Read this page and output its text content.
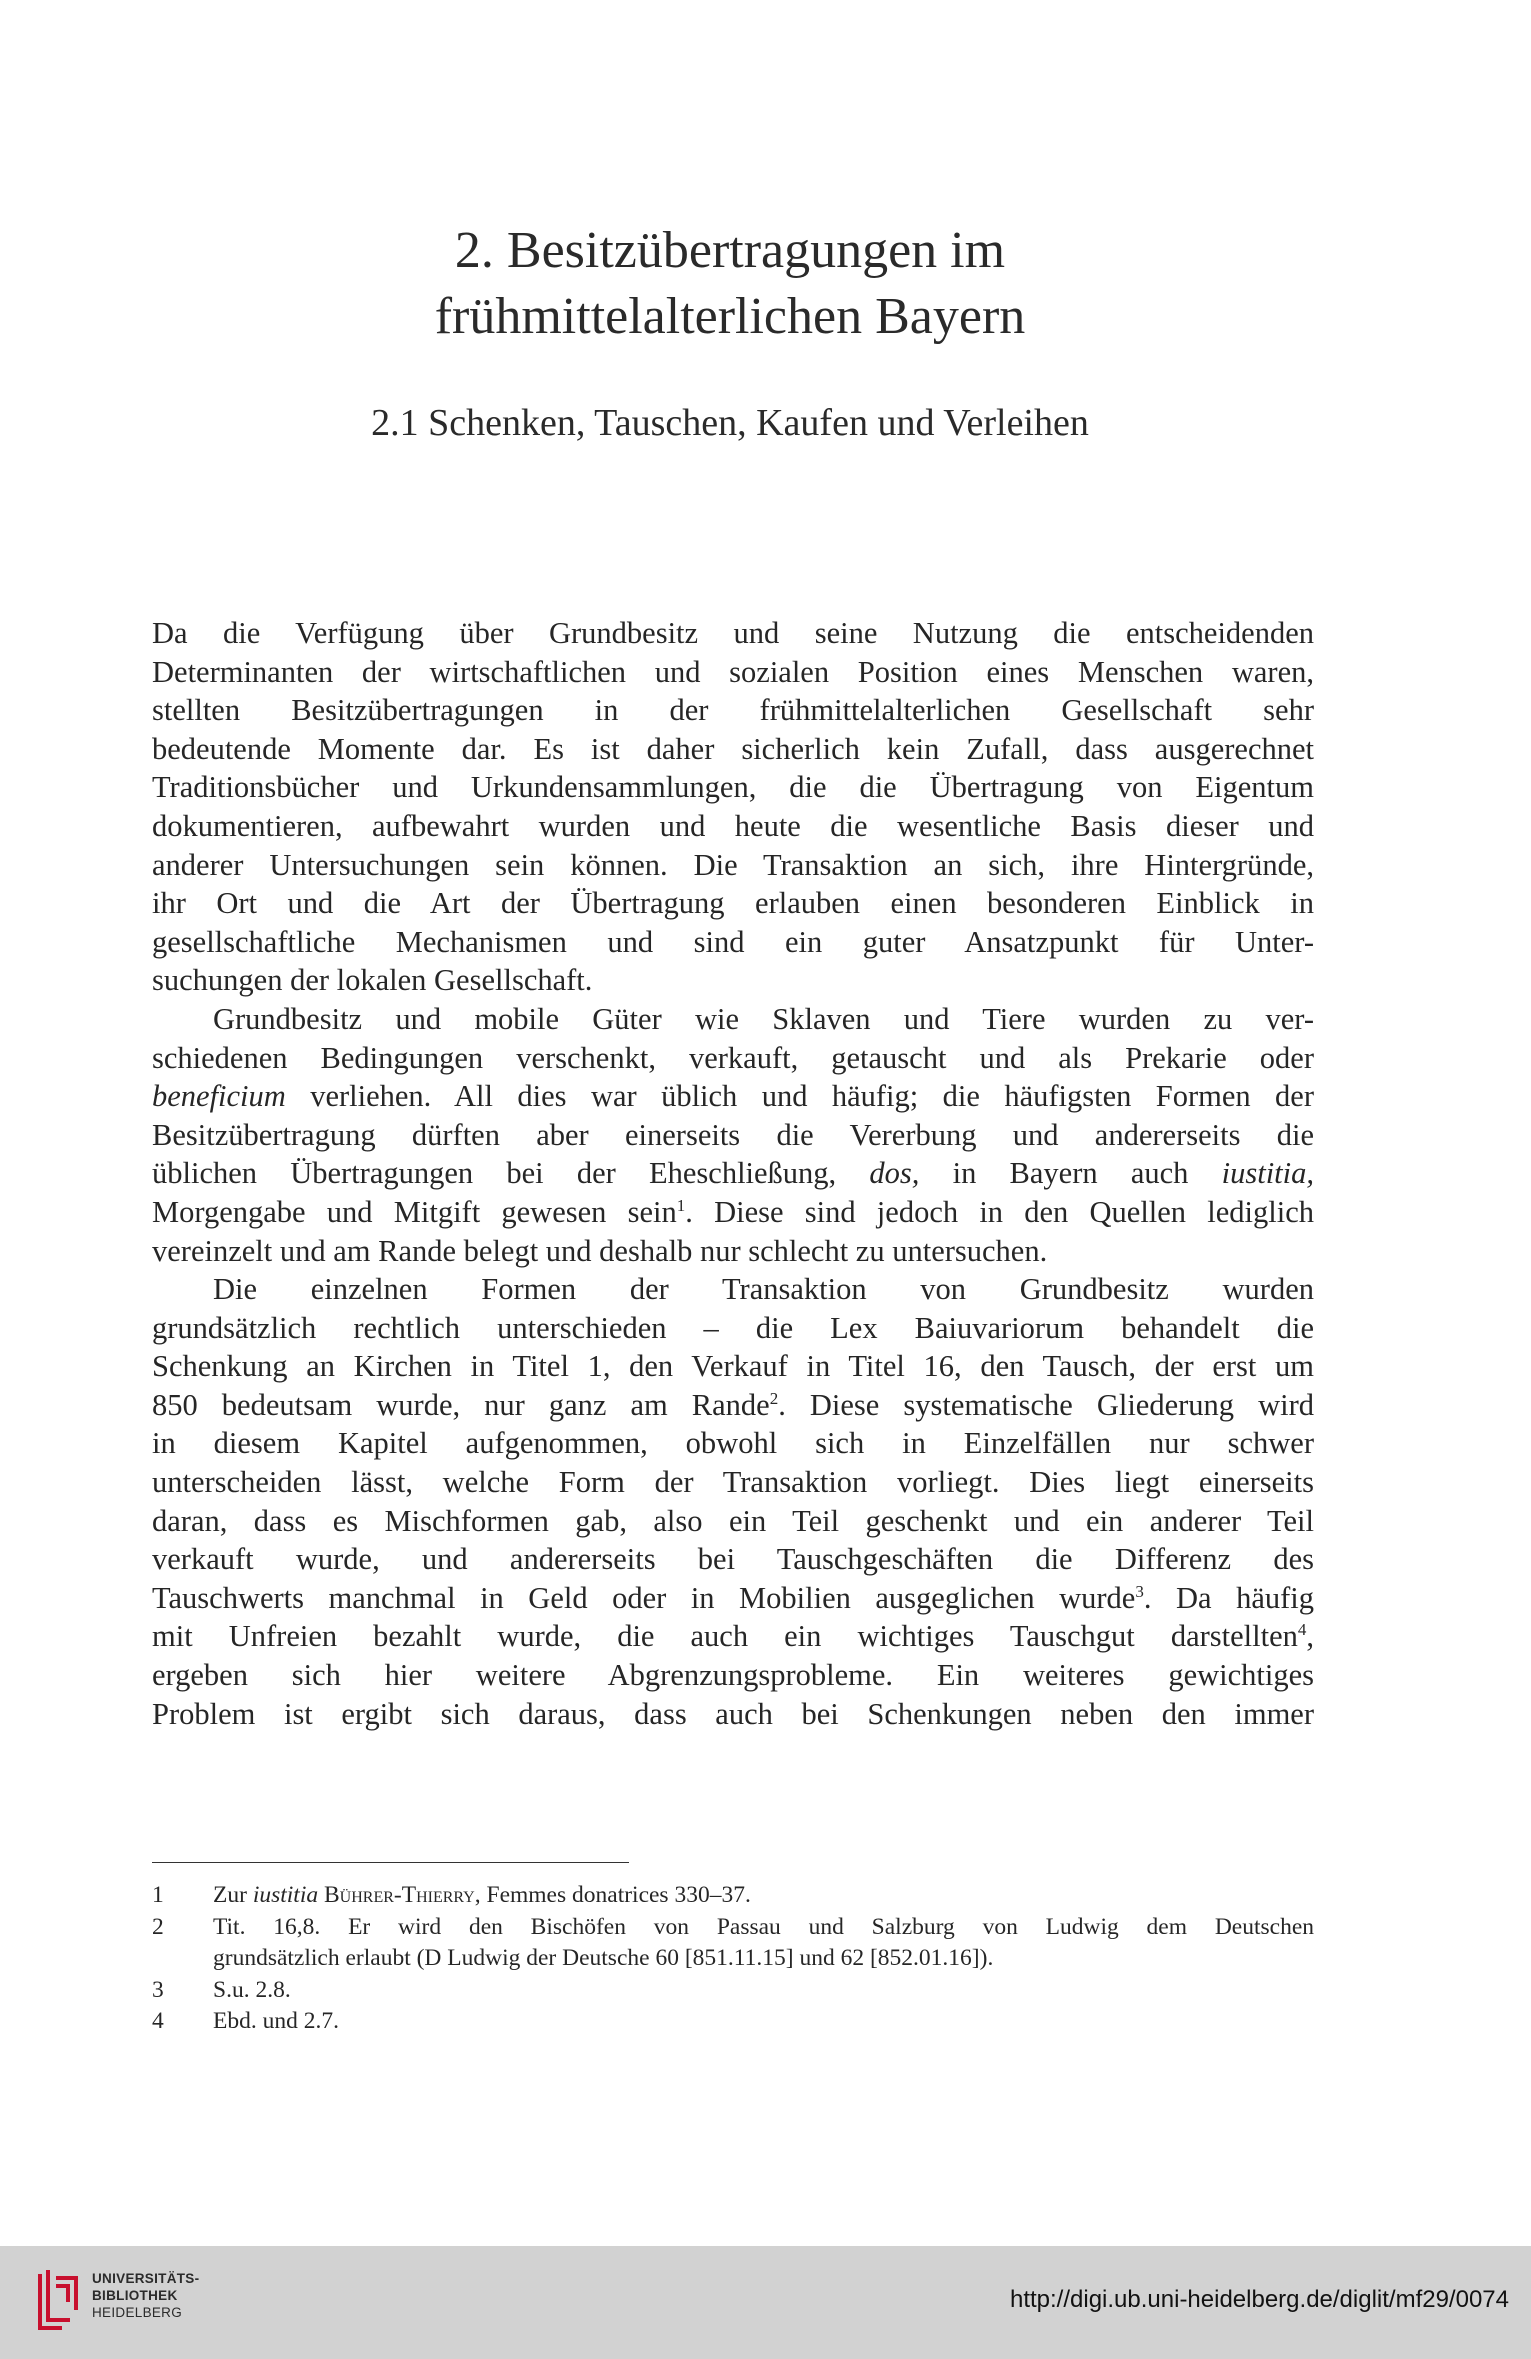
2. Besitzübertragungen im
frühmittelalterlichen Bayern
2.1 Schenken, Tauschen, Kaufen und Verleihen

Da die Verfügung über Grundbesitz und seine Nutzung die entscheidenden
Determinanten der wirtschaftlichen und sozialen Position eines Menschen waren,
stellten Besitzübertragungen in der frühmittelalterlichen Gesellschaft sehr
bedeutende Momente dar. Es ist daher sicherlich kein Zufall, dass ausgerechnet
Traditionsbücher und Urkundensammlungen, die die Übertragung von Eigentum
dokumentieren, aufbewahrt wurden und heute die wesentliche Basis dieser und
anderer Untersuchungen sein können. Die Transaktion an sich, ihre Hintergründe,
ihr Ort und die Art der Übertragung erlauben einen besonderen Einblick in
gesellschaftliche Mechanismen und sind ein guter Ansatzpunkt für Unter-
suchungen der lokalen Gesellschaft.

Grundbesitz und mobile Güter wie Sklaven und Tiere wurden zu ver-
schiedenen Bedingungen verschenkt, verkauft, getauscht und als Prekarie oder
beneficium verliehen. All dies war üblich und häufig; die häufigsten Formen der
Besitzübertragung dürften aber einerseits die Vererbung und andererseits die
üblichen Übertragungen bei der Eheschließung, dos, in Bayern auch iustitia,
Morgengabe und Mitgift gewesen sein$^1$. Diese sind jedoch in den Quellen lediglich
vereinzelt und am Rande belegt und deshalb nur schlecht zu untersuchen.

Die einzelnen Formen der Transaktion von Grundbesitz wurden
grundsätzlich rechtlich unterschieden – die Lex Baiuvariorum behandelt die
Schenkung an Kirchen in Titel 1, den Verkauf in Titel 16, den Tausch, der erst um
850 bedeutsam wurde, nur ganz am Rande$^2$. Diese systematische Gliederung wird
in diesem Kapitel aufgenommen, obwohl sich in Einzelfällen nur schwer
unterscheiden lässt, welche Form der Transaktion vorliegt. Dies liegt einerseits
daran, dass es Mischformen gab, also ein Teil geschenkt und ein anderer Teil
verkauft wurde, und andererseits bei Tauschgeschäften die Differenz des
Tauschwerts manchmal in Geld oder in Mobilien ausgeglichen wurde$^3$. Da häufig
mit Unfreien bezahlt wurde, die auch ein wichtiges Tauschgut darstellten$^4$,
ergeben sich hier weitere Abgrenzungsprobleme. Ein weiteres gewichtiges
Problem ist ergibt sich daraus, dass auch bei Schenkungen neben den immer

1 Zur iustitia Bührer-Thierry, Femmes donatrices 330–37.
2 Tit. 16,8. Er wird den Bischöfen von Passau und Salzburg von Ludwig dem Deutschen
grundsätzlich erlaubt (D Ludwig der Deutsche 60 [851.11.15] und 62 [852.01.16]).
3 S.u. 2.8.
4 Ebd. und 2.7.
UNIVERSITÄTS-
BIBLIOTHEK
HEIDELBERG	http://digi.ub.uni-heidelberg.de/diglit/mf29/0074
